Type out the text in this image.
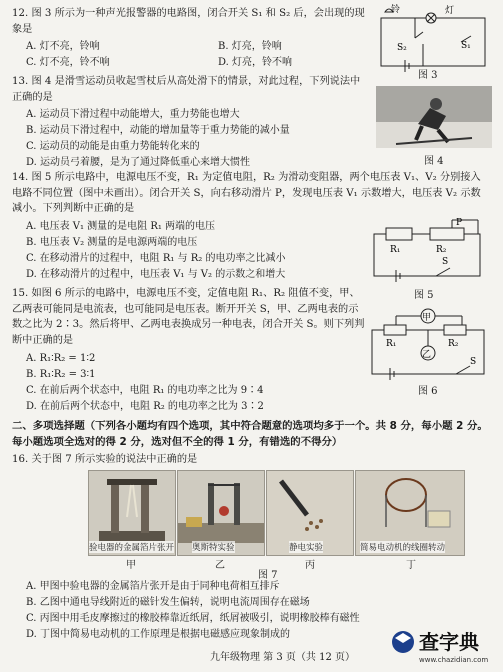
12. 图 3 所示为一种声光报警器的电路图，闭合开关 S₁ 和 S₂ 后，会出现的现象是
A. 灯不亮，铃响	B. 灯亮，铃响
C. 灯不亮，铃不响	D. 灯亮，铃不响
铃	灯
S₂	S₁
图 3
13. 图 4 是滑雪运动员收起雪杖后从高处滑下的情景，对此过程，下列说法中正确的是
A. 运动员下滑过程中动能增大，重力势能也增大
B. 运动员下滑过程中，动能的增加量等于重力势能的减小量
C. 运动员的动能是由重力势能转化来的
D. 运动员弓着腰，是为了通过降低重心来增大惯性	图 4
14. 图 5 所示电路中，电源电压不变，R₁ 为定值电阻，R₂ 为滑动变阻器，两个电压表 V₁、V₂ 分别接入电路不同位置（图中未画出）。闭合开关 S，向右移动滑片 P，发现电压表 V₁ 示数增大，电压表 V₂ 示数减小。下列判断中正确的是
A. 电压表 V₁ 测量的是电阻 R₁ 两端的电压
B. 电压表 V₂ 测量的是电源两端的电压
C. 在移动滑片的过程中，电阻 R₁ 与 R₂ 的电功率之比减小
D. 在移动滑片的过程中，电压表 V₁ 与 V₂ 的示数之和增大
P
R₁	R₂
S
图 5
15. 如图 6 所示的电路中，电源电压不变，定值电阻 R₁、R₂ 阻值不变，甲、乙两表可能同是电流表，也可能同是电压表。断开开关 S，甲、乙两电表的示数之比为 2∶3。然后将甲、乙两电表换成另一种电表，闭合开关 S。则下列判断中正确的是
A. R₁∶R₂ = 1∶2
B. R₁∶R₂ = 3∶1
C. 在前后两个状态中，电阻 R₁ 的电功率之比为 9∶4
D. 在前后两个状态中，电阻 R₂ 的电功率之比为 3∶2
甲
乙
R₁	R₂
S
图 6
二、多项选择题（下列各小题均有四个选项，其中符合题意的选项均多于一个。共 8 分，每小题 2 分。每小题选项全选对的得 2 分，选对但不全的得 1 分，有错选的不得分）
16. 关于图 7 所示实验的说法中正确的是
验电器的金属箔片张开 奥斯特实验	静电实验	简易电动机的线圈转动
甲	乙	丙	丁
图 7
A. 甲图中验电器的金属箔片张开是由于同种电荷相互排斥
B. 乙图中通电导线附近的磁针发生偏转，说明电流周围存在磁场
C. 丙图中用毛皮摩擦过的橡胶棒靠近纸屑，纸屑被吸引，说明橡胶棒有磁性
D. 丁图中简易电动机的工作原理是根据电磁感应现象制成的
九年级物理 第 3 页（共 12 页）
查字典
www.chazidian.com
